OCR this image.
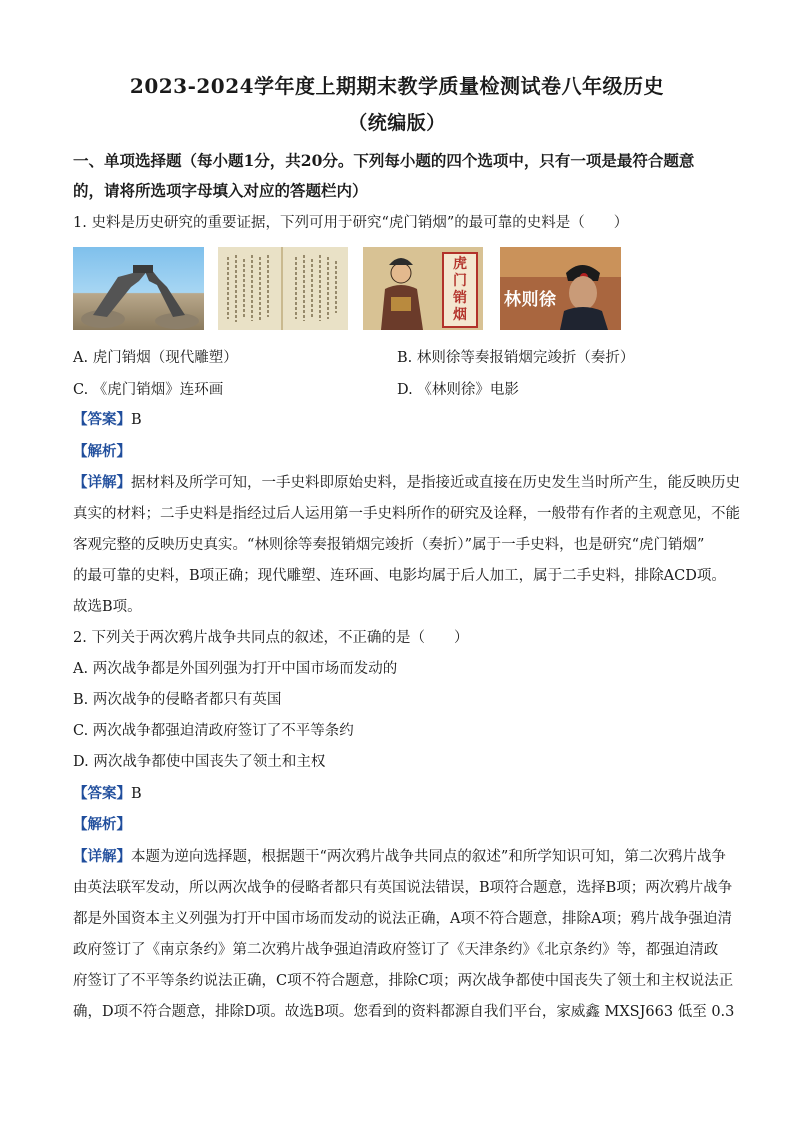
2023-2024学年度上期期末教学质量检测试卷八年级历史
（统编版）
一、单项选择题（每小题1分，共20分。下列每小题的四个选项中，只有一项是最符合题意
的，请将所选项字母填入对应的答题栏内）
1. 史料是历史研究的重要证据，下列可用于研究“虎门销烟”的最可靠的史料是（　　）
虎门销烟
林则徐
A. 虎门销烟（现代雕塑）	B. 林则徐等奏报销烟完竣折（奏折）
C. 《虎门销烟》连环画	D. 《林则徐》电影
【答案】B
【解析】
【详解】据材料及所学可知，一手史料即原始史料，是指接近或直接在历史发生当时所产生，能反映历史
真实的材料；二手史料是指经过后人运用第一手史料所作的研究及诠释，一般带有作者的主观意见，不能
客观完整的反映历史真实。“林则徐等奏报销烟完竣折（奏折）”属于一手史料，也是研究“虎门销烟”
的最可靠的史料，B项正确；现代雕塑、连环画、电影均属于后人加工，属于二手史料，排除ACD项。
故选B项。
2. 下列关于两次鸦片战争共同点的叙述，不正确的是（　　）
A. 两次战争都是外国列强为打开中国市场而发动的
B. 两次战争的侵略者都只有英国
C. 两次战争都强迫清政府签订了不平等条约
D. 两次战争都使中国丧失了领土和主权
【答案】B
【解析】
【详解】本题为逆向选择题，根据题干“两次鸦片战争共同点的叙述”和所学知识可知，第二次鸦片战争
由英法联军发动，所以两次战争的侵略者都只有英国说法错误，B项符合题意，选择B项；两次鸦片战争
都是外国资本主义列强为打开中国市场而发动的说法正确，A项不符合题意，排除A项；鸦片战争强迫清
政府签订了《南京条约》第二次鸦片战争强迫清政府签订了《天津条约》《北京条约》等，都强迫清政
府签订了不平等条约说法正确，C项不符合题意，排除C项；两次战争都使中国丧失了领土和主权说法正
确，D项不符合题意，排除D项。故选B项。您看到的资料都源自我们平台，家威鑫 MXSJ663 低至 0.3
